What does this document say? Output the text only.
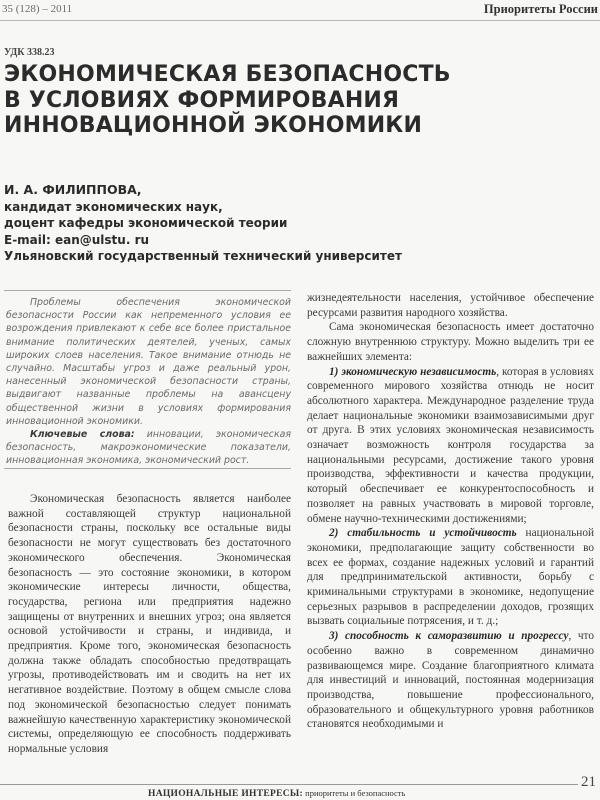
35 (128) – 2011	Приоритеты России
УДК 338.23
ЭКОНОМИЧЕСКАЯ БЕЗОПАСНОСТЬ
В УСЛОВИЯХ ФОРМИРОВАНИЯ
ИННОВАЦИОННОЙ ЭКОНОМИКИ
И. А. ФИЛИППОВА,
кандидат экономических наук,
доцент кафедры экономической теории
E-mail: ean@ulstu. ru
Ульяновский государственный технический университет

Проблемы обеспечения экономической безопасности России как непременного условия ее возрождения привлекают к себе все более пристальное внимание политических деятелей, ученых, самых широких слоев населения. Такое внимание отнюдь не случайно. Масштабы угроз и даже реальный урон, нанесенный экономической безопасности страны, выдвигают названные проблемы на авансцену общественной жизни в условиях формирования инновационной экономики.

Ключевые слова: инновации, экономическая безопасность, макроэкономические показатели, инновационная экономика, экономический рост.

Экономическая безопасность является наиболее важной составляющей структур национальной безопасности страны, поскольку все остальные виды безопасности не могут существовать без достаточного экономического обеспечения. Экономическая безопасность — это состояние экономики, в котором экономические интересы личности, общества, государства, региона или предприятия надежно защищены от внутренних и внешних угроз; она является основой устойчивости и страны, и индивида, и предприятия. Кроме того, экономическая безопасность должна также обладать способностью предотвращать угрозы, противодействовать им и сводить на нет их негативное воздействие. Поэтому в общем смысле слова под экономической безопасностью следует понимать важнейшую качественную характеристику экономической системы, определяющую ее способность поддерживать нормальные условия

жизнедеятельности населения, устойчивое обеспечение ресурсами развития народного хозяйства.

Сама экономическая безопасность имеет достаточно сложную внутреннюю структуру. Можно выделить три ее важнейших элемента:

1) экономическую независимость, которая в условиях современного мирового хозяйства отнюдь не носит абсолютного характера. Международное разделение труда делает национальные экономики взаимозависимыми друг от друга. В этих условиях экономическая независимость означает возможность контроля государства за национальными ресурсами, достижение такого уровня производства, эффективности и качества продукции, который обеспечивает ее конкурентоспособность и позволяет на равных участвовать в мировой торговле, обмене научно-техническими достижениями;

2) стабильность и устойчивость национальной экономики, предполагающие защиту собственности во всех ее формах, создание надежных условий и гарантий для предпринимательской активности, борьбу с криминальными структурами в экономике, недопущение серьезных разрывов в распределении доходов, грозящих вызвать социальные потрясения, и т. д.;

3) способность к саморазвитию и прогрессу, что особенно важно в современном динамично развивающемся мире. Создание благоприятного климата для инвестиций и инноваций, постоянная модернизация производства, повышение профессионального, образовательного и общекультурного уровня работников становятся необходимыми и

НАЦИОНАЛЬНЫЕ ИНТЕРЕСЫ: приоритеты и безопасность
21
